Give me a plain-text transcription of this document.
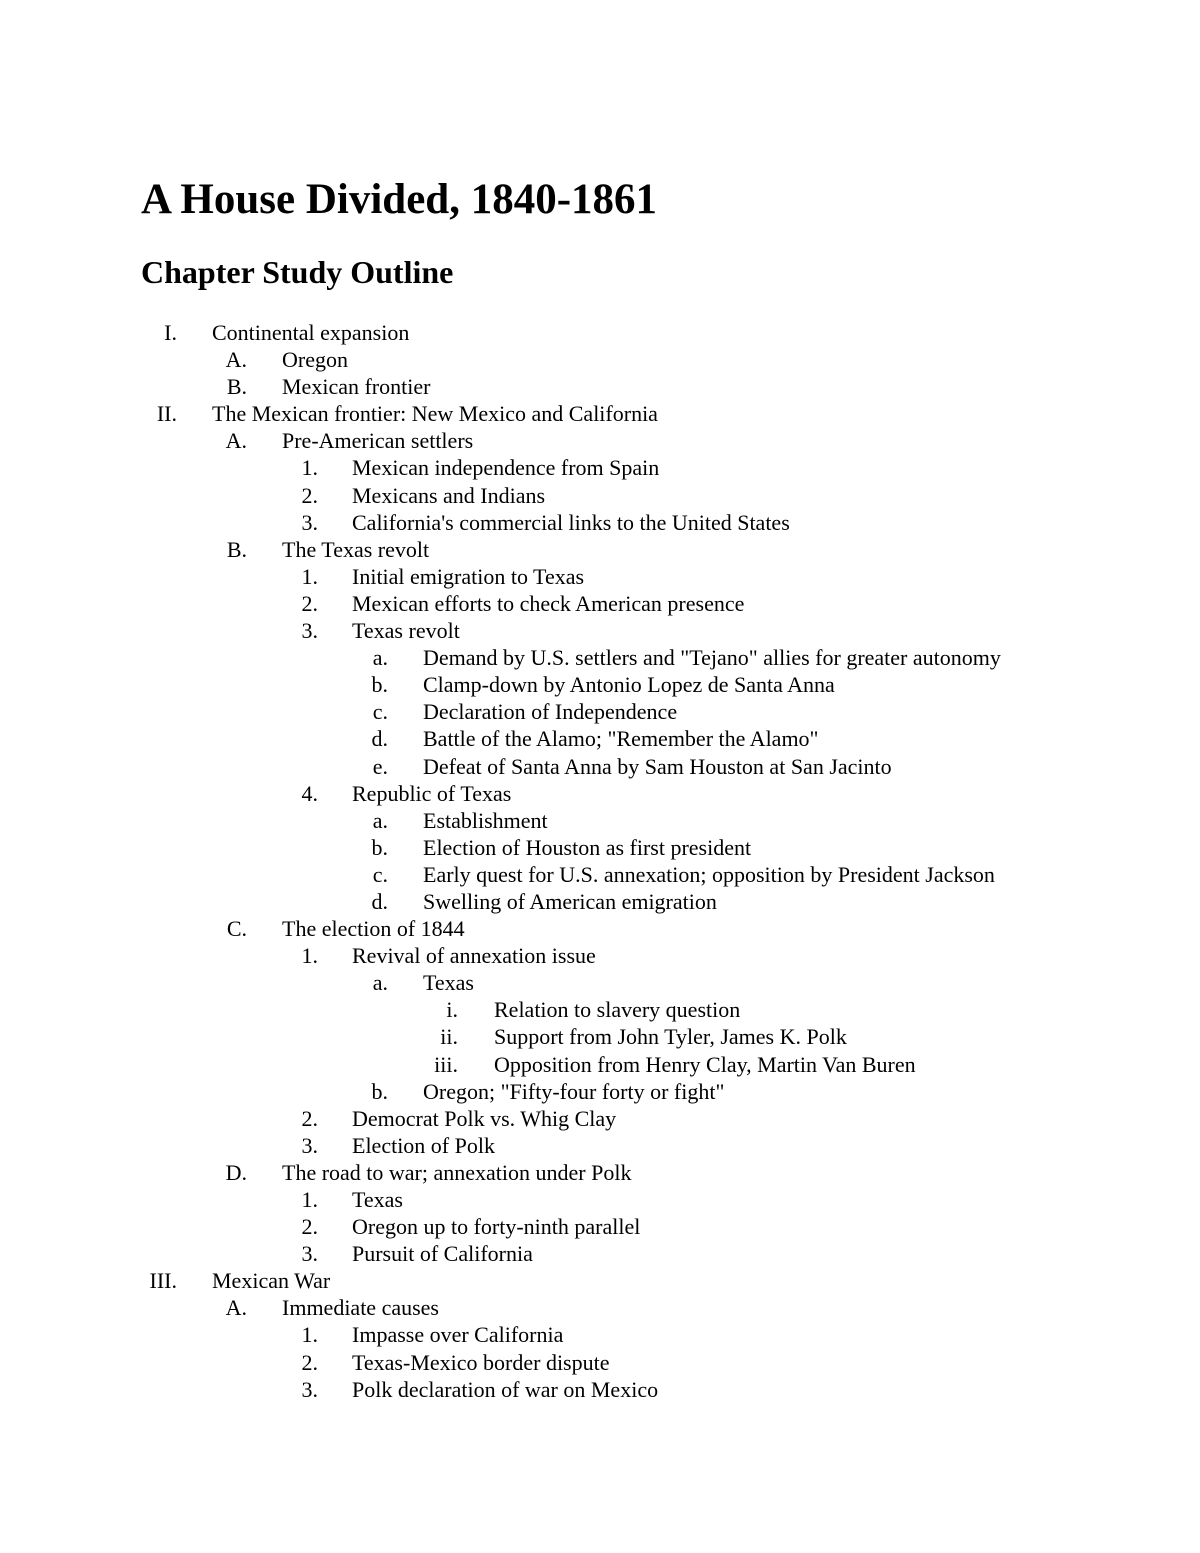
A House Divided, 1840-1861
Chapter Study Outline
I. Continental expansion
A. Oregon
B. Mexican frontier
II. The Mexican frontier: New Mexico and California
A. Pre-American settlers
1. Mexican independence from Spain
2. Mexicans and Indians
3. California's commercial links to the United States
B. The Texas revolt
1. Initial emigration to Texas
2. Mexican efforts to check American presence
3. Texas revolt
a. Demand by U.S. settlers and "Tejano" allies for greater autonomy
b. Clamp-down by Antonio Lopez de Santa Anna
c. Declaration of Independence
d. Battle of the Alamo; "Remember the Alamo"
e. Defeat of Santa Anna by Sam Houston at San Jacinto
4. Republic of Texas
a. Establishment
b. Election of Houston as first president
c. Early quest for U.S. annexation; opposition by President Jackson
d. Swelling of American emigration
C. The election of 1844
1. Revival of annexation issue
a. Texas
i. Relation to slavery question
ii. Support from John Tyler, James K. Polk
iii. Opposition from Henry Clay, Martin Van Buren
b. Oregon; "Fifty-four forty or fight"
2. Democrat Polk vs. Whig Clay
3. Election of Polk
D. The road to war; annexation under Polk
1. Texas
2. Oregon up to forty-ninth parallel
3. Pursuit of California
III. Mexican War
A. Immediate causes
1. Impasse over California
2. Texas-Mexico border dispute
3. Polk declaration of war on Mexico
